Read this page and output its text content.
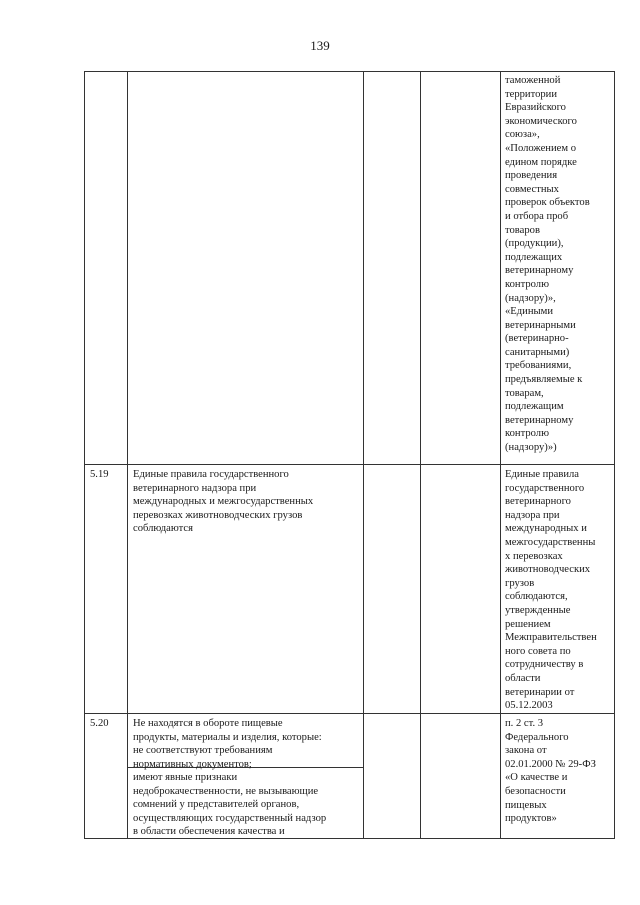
139

таможенной
территории
Евразийского
экономического
союза»,
«Положением о
едином порядке
проведения
совместных
проверок объектов
и отбора проб
товаров
(продукции),
подлежащих
ветеринарному
контролю
(надзору)»,
«Едиными
ветеринарными
(ветеринарно-
санитарными)
требованиями,
предъявляемые к
товарам,
подлежащим
ветеринарному
контролю
(надзору)»)

5.19	Единые правила государственного
ветеринарного надзора при
международных и межгосударственных
перевозках животноводческих грузов
соблюдаются

Единые правила
государственного
ветеринарного
надзора при
международных и
межгосударственны
х перевозках
животноводческих
грузов
соблюдаются,
утвержденные
решением
Межправительствен
ного совета по
сотрудничеству в
области
ветеринарии от
05.12.2003

5.20	Не находятся в обороте пищевые
продукты, материалы и изделия, которые:
не соответствуют требованиям
нормативных документов;

имеют явные признаки
недоброкачественности, не вызывающие
сомнений у представителей органов,
осуществляющих государственный надзор
в области обеспечения качества и

п. 2 ст. 3
Федерального
закона от
02.01.2000 № 29-ФЗ
«О качестве и
безопасности
пищевых
продуктов»
